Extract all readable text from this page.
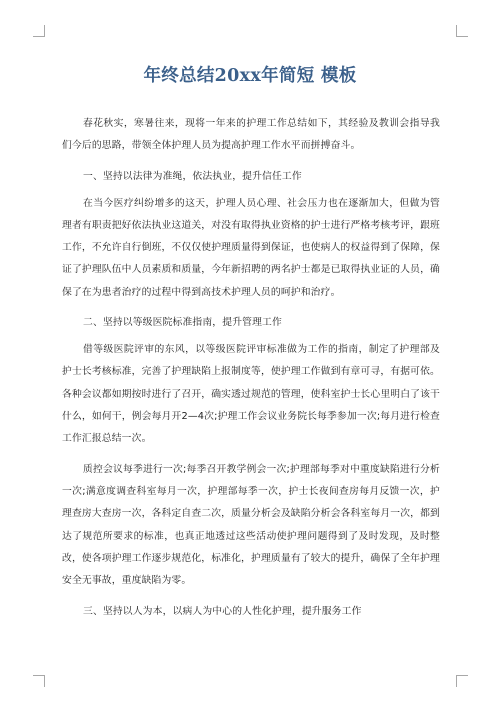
年终总结20xx年简短 模板

春花秋实，寒暑往来，现将一年来的护理工作总结如下，其经验及教训会指导我们今后的思路，带领全体护理人员为提高护理工作水平而拼搏奋斗。

一、坚持以法律为准绳，依法执业，提升信任工作

在当今医疗纠纷增多的这天，护理人员心理、社会压力也在逐渐加大，但做为管理者有职责把好依法执业这道关，对没有取得执业资格的护士进行严格考核考评，跟班工作，不允许自行倒班，不仅仅使护理质量得到保证，也使病人的权益得到了保障，保证了护理队伍中人员素质和质量，今年新招聘的两名护士都是已取得执业证的人员，确保了在为患者治疗的过程中得到高技术护理人员的呵护和治疗。

二、坚持以等级医院标准指南，提升管理工作

借等级医院评审的东风，以等级医院评审标准做为工作的指南，制定了护理部及护士长考核标准，完善了护理缺陷上报制度等，使护理工作做到有章可寻，有据可依。各种会议都如期按时进行了召开，确实透过规范的管理，使科室护士长心里明白了该干什么，如何干，例会每月开2—4次;护理工作会议业务院长每季参加一次;每月进行检查工作汇报总结一次。

质控会议每季进行一次;每季召开教学例会一次;护理部每季对中重度缺陷进行分析一次;满意度调查科室每月一次，护理部每季一次，护士长夜间查房每月反馈一次，护理查房大查房一次，各科定自查二次，质量分析会及缺陷分析会各科室每月一次，都到达了规范所要求的标准，也真正地透过这些活动使护理问题得到了及时发现，及时整改，使各项护理工作逐步规范化，标准化，护理质量有了较大的提升，确保了全年护理安全无事故，重度缺陷为零。

三、坚持以人为本，以病人为中心的人性化护理，提升服务工作
